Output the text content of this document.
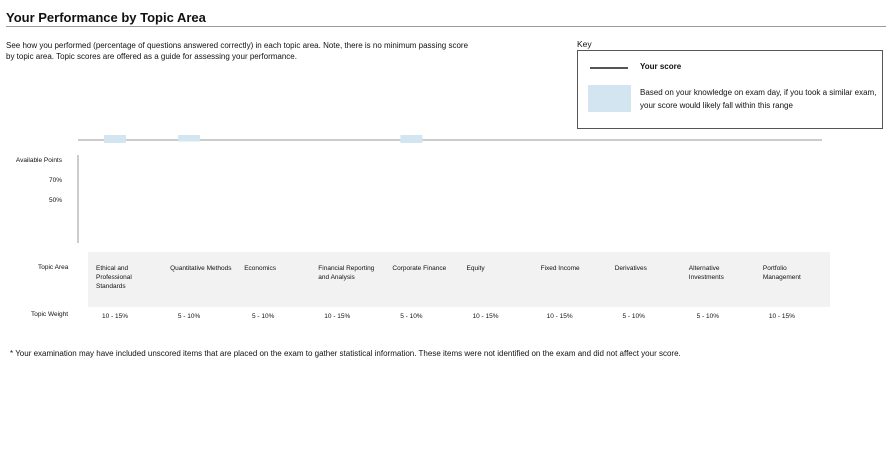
Your Performance by Topic Area
See how you performed (percentage of questions answered correctly) in each topic area. Note, there is no minimum passing score by topic area. Topic scores are offered as a guide for assessing your performance.
Key
Your score
Based on your knowledge on exam day, if you took a similar exam, your score would likely fall within this range
Available Points
70%
50%
Topic Area
Topic Weight
Ethical and Professional Standards
10 - 15%
Quantitative Methods
5 - 10%
Economics
5 - 10%
Financial Reporting and Analysis
10 - 15%
Corporate Finance
5 - 10%
Equity
10 - 15%
Fixed Income
10 - 15%
Derivatives
5 - 10%
Alternative Investments
5 - 10%
Portfolio Management
10 - 15%
* Your examination may have included unscored items that are placed on the exam to gather statistical information. These items were not identified on the exam and did not affect your score.
